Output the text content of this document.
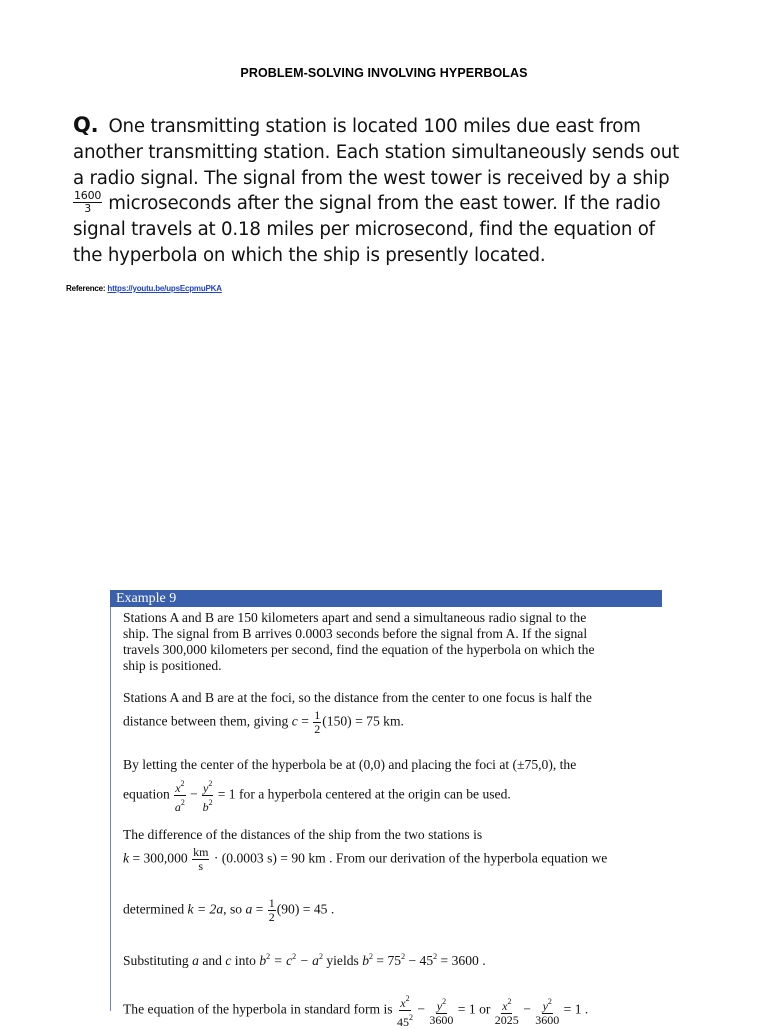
PROBLEM-SOLVING INVOLVING HYPERBOLAS
Q. One transmitting station is located 100 miles due east from
another transmitting station. Each station simultaneously sends out
a radio signal. The signal from the west tower is received by a ship
$\frac{1600}{3}$ microseconds after the signal from the east tower. If the radio
signal travels at 0.18 miles per microsecond, find the equation of
the hyperbola on which the ship is presently located.
Reference: https://youtu.be/upsEcpmuPKA
Example 9
Stations A and B are 150 kilometers apart and send a simultaneous radio signal to the
ship. The signal from B arrives 0.0003 seconds before the signal from A. If the signal
travels 300,000 kilometers per second, find the equation of the hyperbola on which the
ship is positioned.
Stations A and B are at the foci, so the distance from the center to one focus is half the
distance between them, giving $c = \frac{1}{2} (150) = 75$ km.
By letting the center of the hyperbola be at (0,0) and placing the foci at (±75,0), the
equation $\frac{x^2}{a^2} - \frac{y^2}{b^2} = 1$ for a hyperbola centered at the origin can be used.
The difference of the distances of the ship from the two stations is
$k = 300,000 \frac{km}{s} \cdot (0.0003$ s) = 90 km . From our derivation of the hyperbola equation we
determined k = 2a, so $a = \frac{1}{2} (90) = 45$ .
Substituting a and c into $b^2 = c^2 - a^2$ yields $b^2 = 75^2 - 45^2 = 3600$ .
The equation of the hyperbola in standard form is $\frac{x^2}{45^2} - \frac{y^2}{3600} = 1$ or $\frac{x^2}{2025} - \frac{y^2}{3600} = 1$ .
